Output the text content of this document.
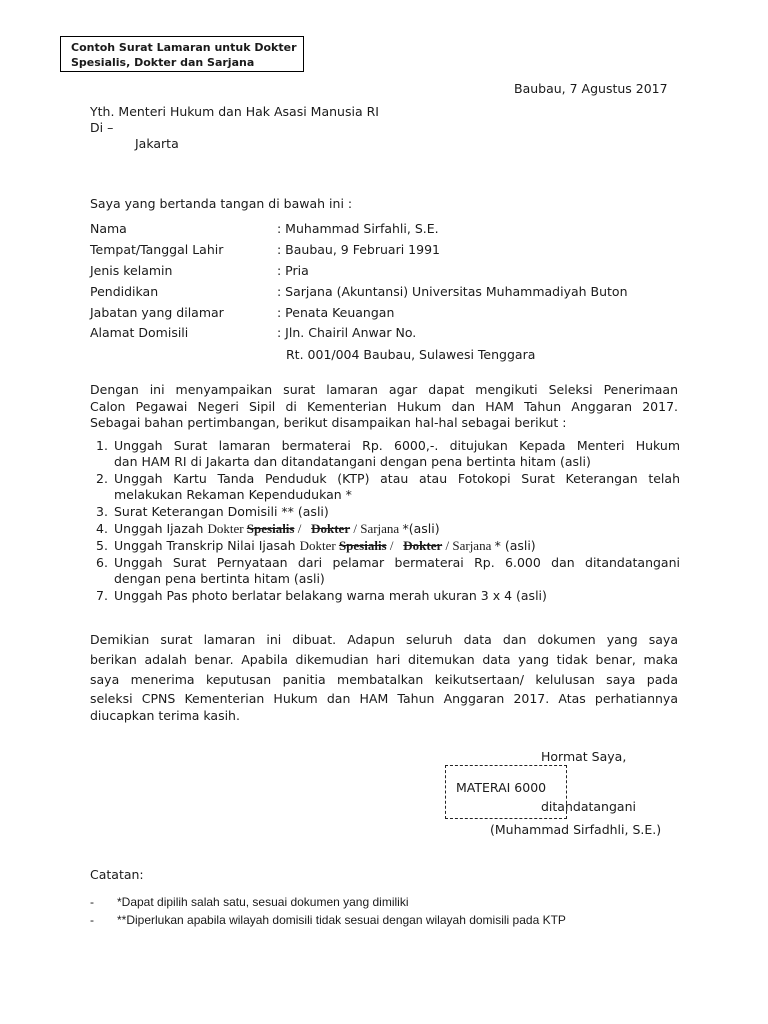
Contoh Surat Lamaran untuk Dokter
Spesialis, Dokter dan Sarjana
Baubau, 7 Agustus 2017
Yth. Menteri Hukum dan Hak Asasi Manusia RI
Di –
Jakarta
Saya yang bertanda tangan di bawah ini :
Nama	: Muhammad Sirfahli, S.E.
Tempat/Tanggal Lahir	: Baubau, 9 Februari 1991
Jenis kelamin	: Pria
Pendidikan	: Sarjana (Akuntansi) Universitas Muhammadiyah Buton
Jabatan yang dilamar	: Penata Keuangan
Alamat Domisili	: Jln. Chairil Anwar No.
Rt. 001/004 Baubau, Sulawesi Tenggara
Dengan ini menyampaikan surat lamaran agar dapat mengikuti Seleksi Penerimaan
Calon Pegawai Negeri Sipil di Kementerian Hukum dan HAM Tahun Anggaran 2017.
Sebagai bahan pertimbangan, berikut disampaikan hal-hal sebagai berikut :
1. Unggah Surat lamaran bermaterai Rp. 6000,-. ditujukan Kepada Menteri Hukum
dan HAM RI di Jakarta dan ditandatangani dengan pena bertinta hitam (asli)
2. Unggah Kartu Tanda Penduduk (KTP) atau atau Fotokopi Surat Keterangan telah
melakukan Rekaman Kependudukan *
3. Surat Keterangan Domisili ** (asli)
4. Unggah Ijazah Dokter Spesialis /   Dokter / Sarjana *(asli)
5. Unggah Transkrip Nilai Ijasah Dokter Spesialis /   Dokter / Sarjana * (asli)
6. Unggah Surat Pernyataan dari pelamar bermaterai Rp. 6.000 dan ditandatangani
dengan pena bertinta hitam (asli)
7. Unggah Pas photo berlatar belakang warna merah ukuran 3 x 4 (asli)
Demikian surat lamaran ini dibuat. Adapun seluruh data dan dokumen yang saya
berikan adalah benar. Apabila dikemudian hari ditemukan data yang tidak benar, maka
saya menerima keputusan panitia membatalkan keikutsertaan/ kelulusan saya pada
seleksi CPNS Kementerian Hukum dan HAM Tahun Anggaran 2017. Atas perhatiannya
diucapkan terima kasih.
Hormat Saya,
MATERAI 6000
ditandatangani
(Muhammad Sirfadhli, S.E.)
Catatan:
- *Dapat dipilih salah satu, sesuai dokumen yang dimiliki
- **Diperlukan apabila wilayah domisili tidak sesuai dengan wilayah domisili pada KTP
